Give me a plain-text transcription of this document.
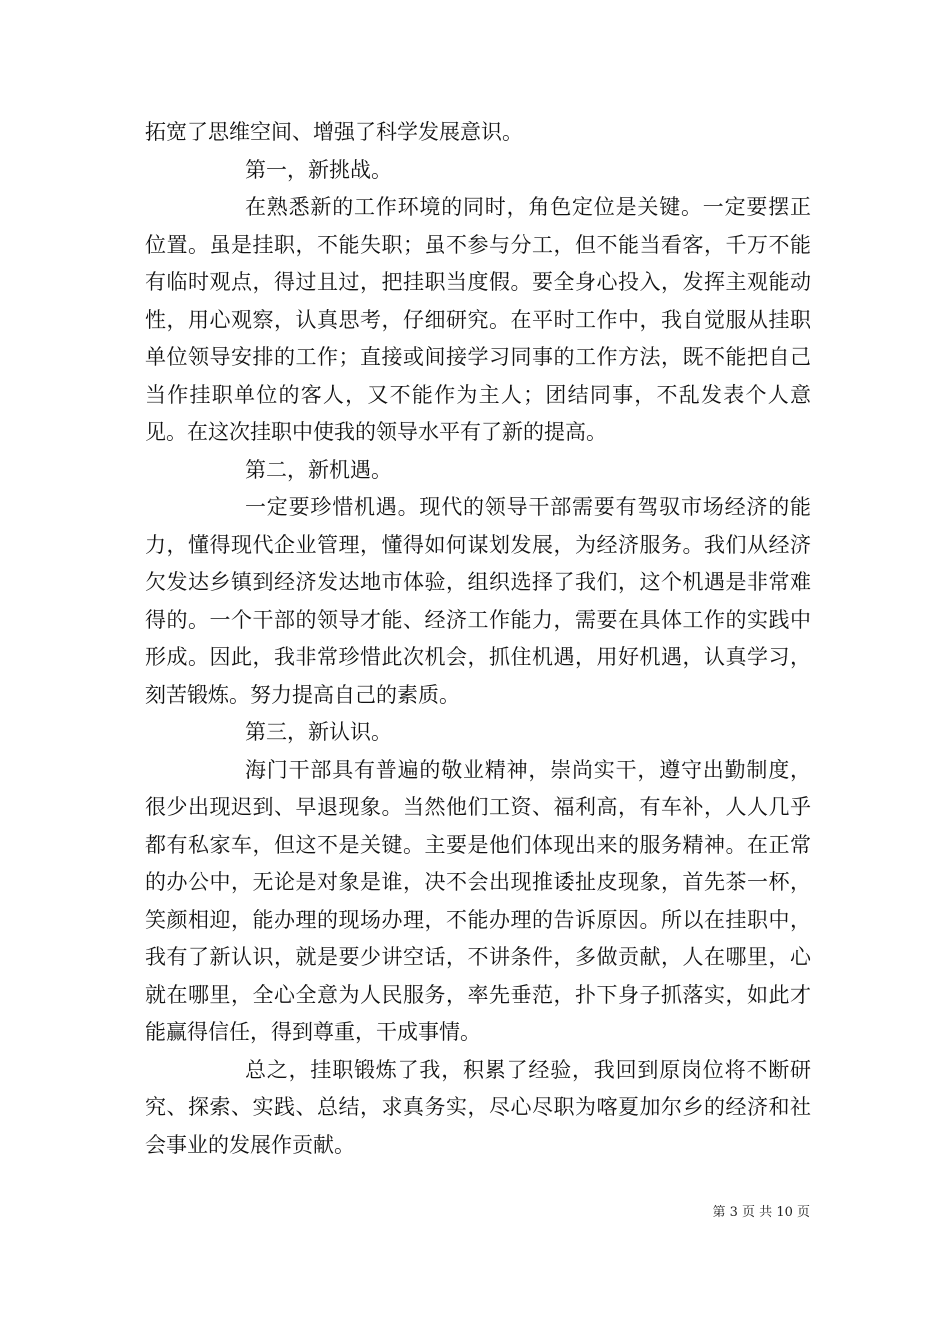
拓宽了思维空间、增强了科学发展意识。

第一，新挑战。

在熟悉新的工作环境的同时，角色定位是关键。一定要摆正位置。虽是挂职，不能失职；虽不参与分工，但不能当看客，千万不能有临时观点，得过且过，把挂职当度假。要全身心投入，发挥主观能动性，用心观察，认真思考，仔细研究。在平时工作中，我自觉服从挂职单位领导安排的工作；直接或间接学习同事的工作方法，既不能把自己当作挂职单位的客人，又不能作为主人；团结同事，不乱发表个人意见。在这次挂职中使我的领导水平有了新的提高。

第二，新机遇。

一定要珍惜机遇。现代的领导干部需要有驾驭市场经济的能力，懂得现代企业管理，懂得如何谋划发展，为经济服务。我们从经济欠发达乡镇到经济发达地市体验，组织选择了我们，这个机遇是非常难得的。一个干部的领导才能、经济工作能力，需要在具体工作的实践中形成。因此，我非常珍惜此次机会，抓住机遇，用好机遇，认真学习，刻苦锻炼。努力提高自己的素质。

第三，新认识。

海门干部具有普遍的敬业精神，崇尚实干，遵守出勤制度，很少出现迟到、早退现象。当然他们工资、福利高，有车补，人人几乎都有私家车，但这不是关键。主要是他们体现出来的服务精神。在正常的办公中，无论是对象是谁，决不会出现推诿扯皮现象，首先茶一杯，笑颜相迎，能办理的现场办理，不能办理的告诉原因。所以在挂职中，我有了新认识，就是要少讲空话，不讲条件，多做贡献，人在哪里，心就在哪里，全心全意为人民服务，率先垂范，扑下身子抓落实，如此才能赢得信任，得到尊重，干成事情。

总之，挂职锻炼了我，积累了经验，我回到原岗位将不断研究、探索、实践、总结，求真务实，尽心尽职为喀夏加尔乡的经济和社会事业的发展作贡献。

第 3 页 共 10 页
